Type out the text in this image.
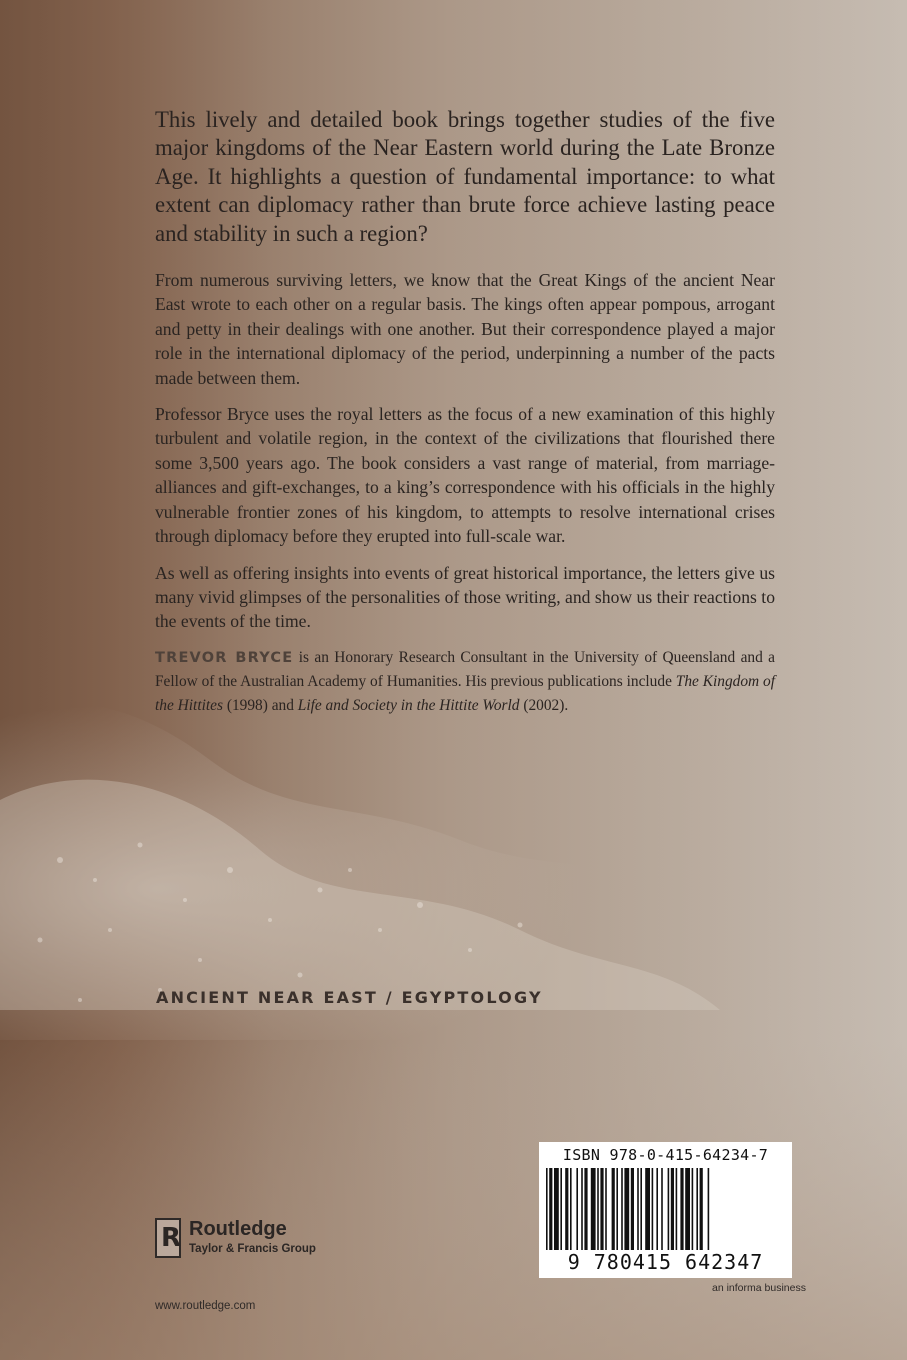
This lively and detailed book brings together studies of the five major kingdoms of the Near Eastern world during the Late Bronze Age. It highlights a question of fundamental importance: to what extent can diplomacy rather than brute force achieve lasting peace and stability in such a region?

From numerous surviving letters, we know that the Great Kings of the ancient Near East wrote to each other on a regular basis. The kings often appear pompous, arrogant and petty in their dealings with one another. But their correspondence played a major role in the international diplomacy of the period, underpinning a number of the pacts made between them.

Professor Bryce uses the royal letters as the focus of a new examination of this highly turbulent and volatile region, in the context of the civilizations that flourished there some 3,500 years ago. The book considers a vast range of material, from marriage-alliances and gift-exchanges, to a king’s correspondence with his officials in the highly vulnerable frontier zones of his kingdom, to attempts to resolve international crises through diplomacy before they erupted into full-scale war.

As well as offering insights into events of great historical importance, the letters give us many vivid glimpses of the personalities of those writing, and show us their reactions to the events of the time.

TREVOR BRYCE is an Honorary Research Consultant in the University of Queensland and a Fellow of the Australian Academy of Humanities. His previous publications include The Kingdom of the Hittites (1998) and Life and Society in the Hittite World (2002).

ANCIENT NEAR EAST / EGYPTOLOGY
R Routledge
Taylor & Francis Group
www.routledge.com
ISBN 978-0-415-64234-7
9 780415 642347
an informa business
